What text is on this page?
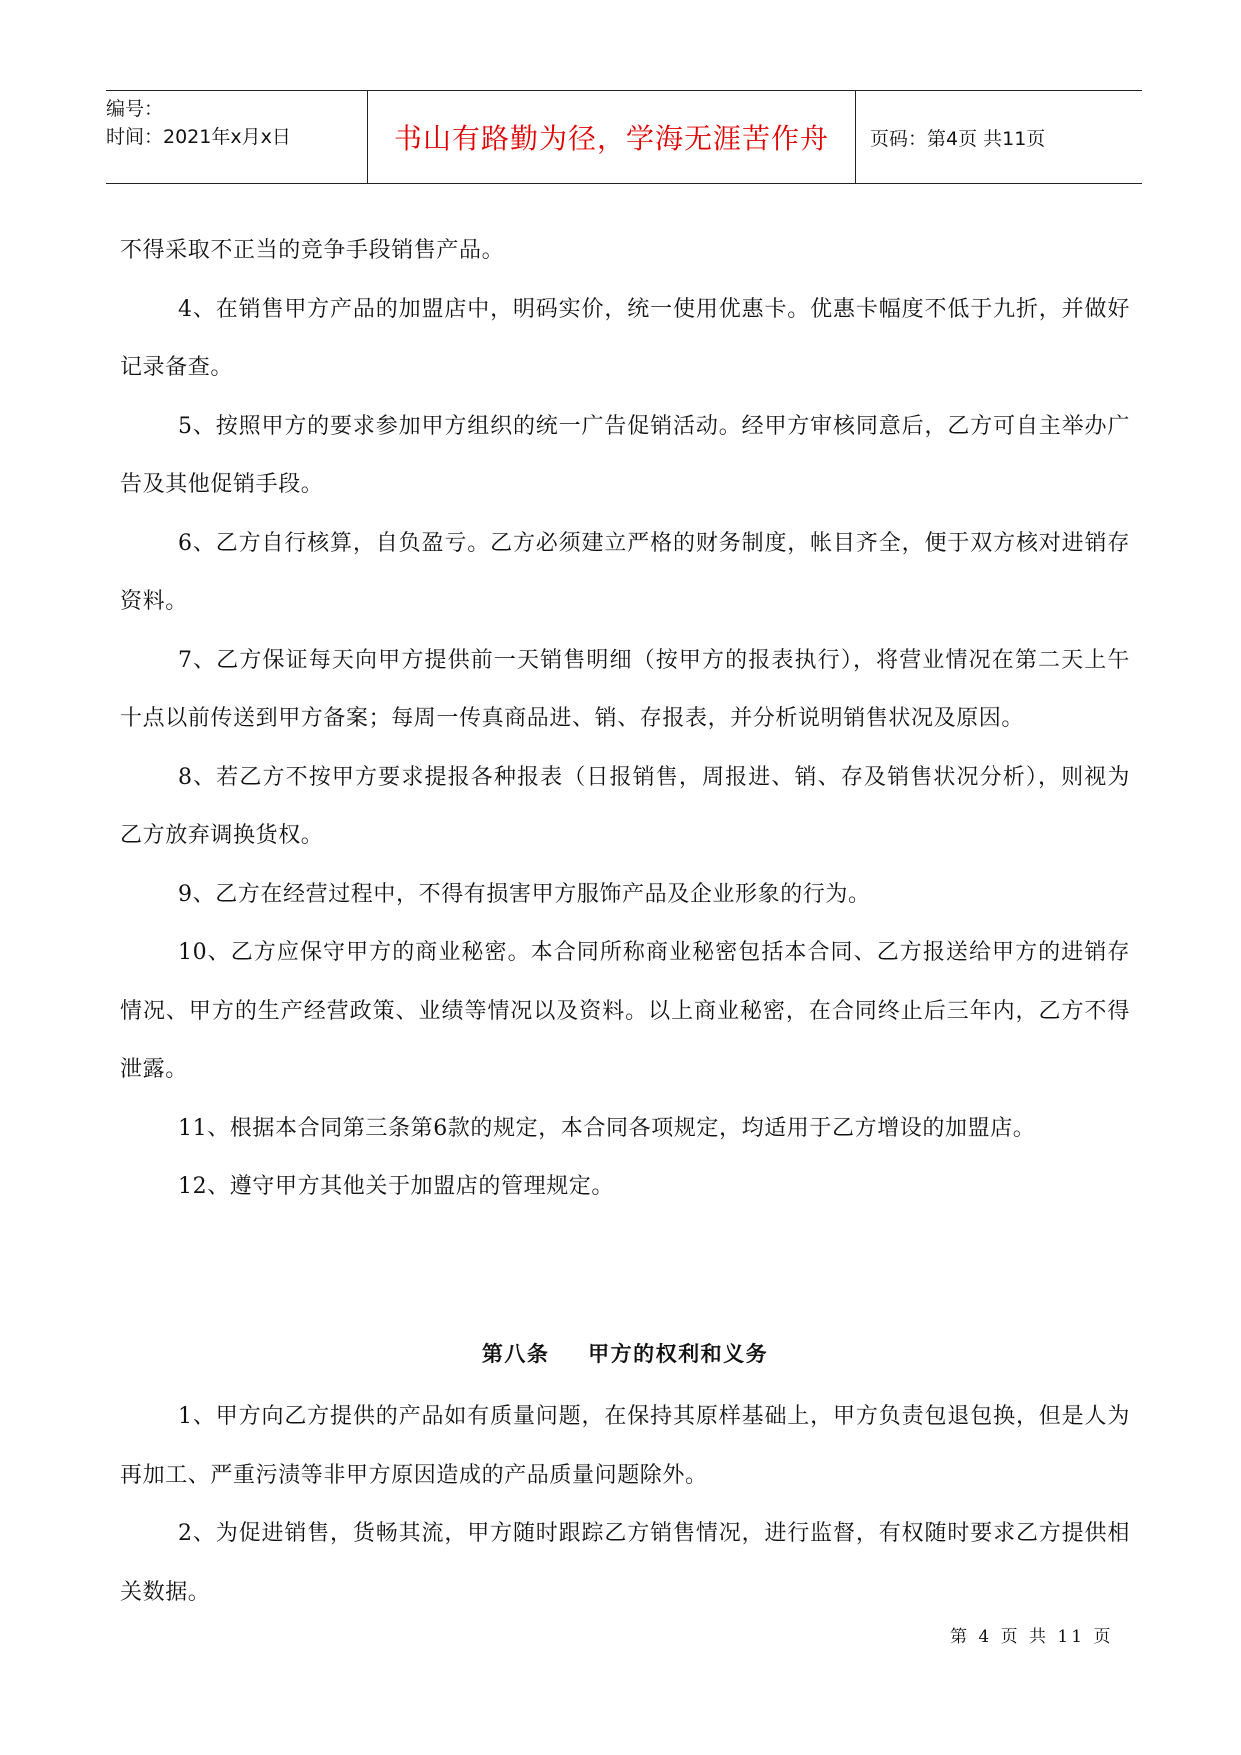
编号：
时间：2021年x月x日	书山有路勤为径，学海无涯苦作舟 页码：第4页 共11页

不得采取不正当的竞争手段销售产品。

4、在销售甲方产品的加盟店中，明码实价，统一使用优惠卡。优惠卡幅度不低于九折，并做好记录备查。

5、按照甲方的要求参加甲方组织的统一广告促销活动。经甲方审核同意后，乙方可自主举办广告及其他促销手段。

6、乙方自行核算，自负盈亏。乙方必须建立严格的财务制度，帐目齐全，便于双方核对进销存资料。

7、乙方保证每天向甲方提供前一天销售明细（按甲方的报表执行），将营业情况在第二天上午十点以前传送到甲方备案；每周一传真商品进、销、存报表，并分析说明销售状况及原因。

8、若乙方不按甲方要求提报各种报表（日报销售，周报进、销、存及销售状况分析），则视为乙方放弃调换货权。

9、乙方在经营过程中，不得有损害甲方服饰产品及企业形象的行为。

10、乙方应保守甲方的商业秘密。本合同所称商业秘密包括本合同、乙方报送给甲方的进销存情况、甲方的生产经营政策、业绩等情况以及资料。以上商业秘密，在合同终止后三年内，乙方不得泄露。

11、根据本合同第三条第6款的规定，本合同各项规定，均适用于乙方增设的加盟店。

12、遵守甲方其他关于加盟店的管理规定。

第八条 甲方的权利和义务

1、甲方向乙方提供的产品如有质量问题，在保持其原样基础上，甲方负责包退包换，但是人为再加工、严重污渍等非甲方原因造成的产品质量问题除外。

2、为促进销售，货畅其流，甲方随时跟踪乙方销售情况，进行监督，有权随时要求乙方提供相关数据。

第 4 页 共 11 页
